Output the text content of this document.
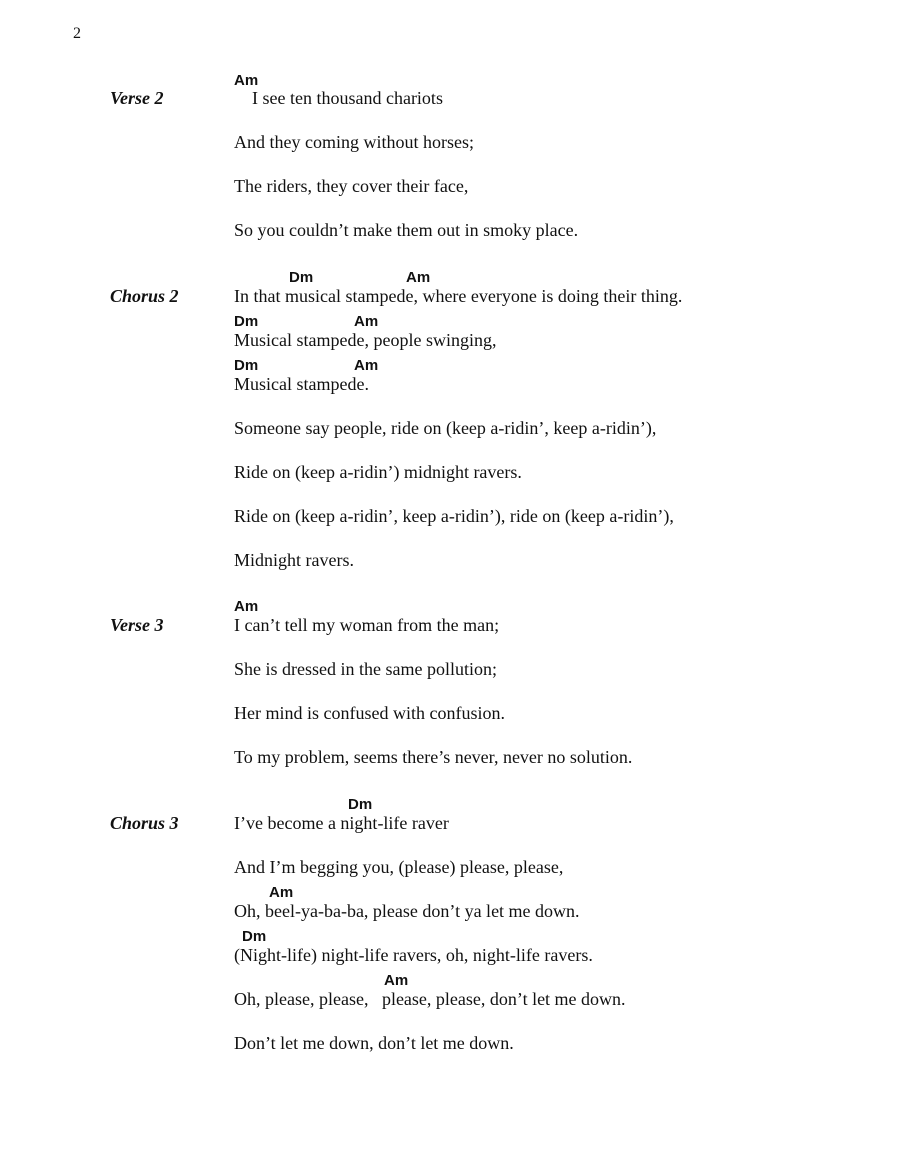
2
Am
Verse 2	I see ten thousand chariots
And they coming without horses;
The riders, they cover their face,
So you couldn’t make them out in smoky place.
Dm	Am
Chorus 2	In that musical stampede, where everyone is doing their thing.
Dm	Am
Musical stampede, people swinging,
Dm	Am
Musical stampede.
Someone say people, ride on (keep a-ridin’, keep a-ridin’),
Ride on (keep a-ridin’) midnight ravers.
Ride on (keep a-ridin’, keep a-ridin’), ride on (keep a-ridin’),
Midnight ravers.
Am
Verse 3	I can’t tell my woman from the man;
She is dressed in the same pollution;
Her mind is confused with confusion.
To my problem, seems there’s never, never no solution.
Dm
Chorus 3	I’ve become a night-life raver
And I’m begging you, (please) please, please,
Am
Oh, beel-ya-ba-ba, please don’t ya let me down.
Dm
(Night-life) night-life ravers, oh, night-life ravers.
Am
Oh, please, please,   please, please, don’t let me down.
Don’t let me down, don’t let me down.
